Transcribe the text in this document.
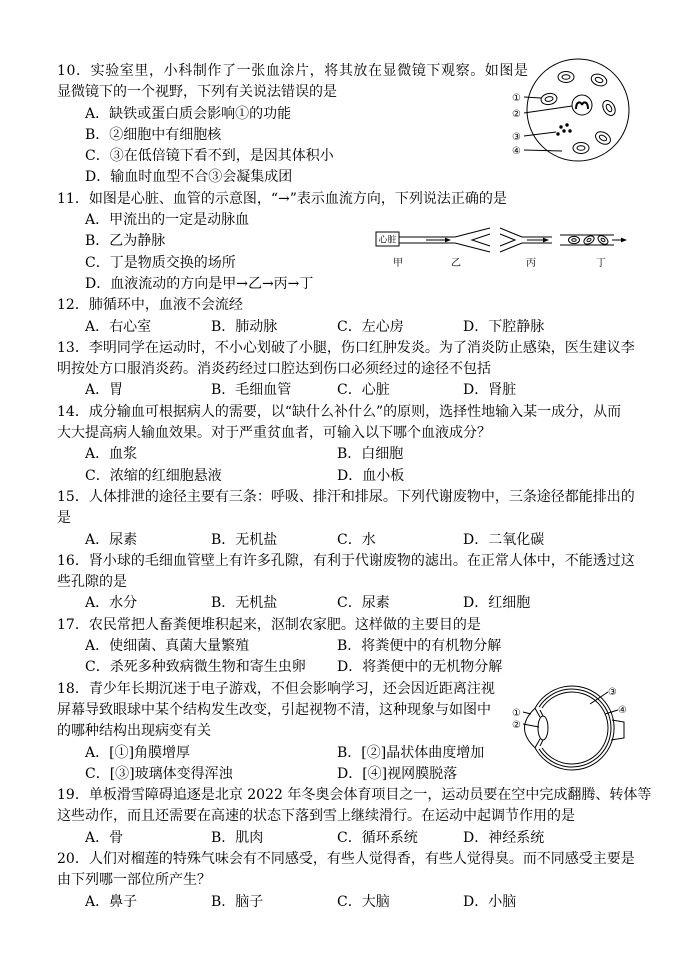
10．实验室里，小科制作了一张血涂片，将其放在显微镜下观察。如图是
显微镜下的一个视野，下列有关说法错误的是
A．缺铁或蛋白质会影响①的功能
B．②细胞中有细胞核
C．③在低倍镜下看不到，是因其体积小
D．输血时血型不合③会凝集成团
11．如图是心脏、血管的示意图，“→”表示血流方向，下列说法正确的是
A．甲流出的一定是动脉血
B．乙为静脉
C．丁是物质交换的场所
D．血液流动的方向是甲→乙→丙→丁
12．肺循环中，血液不会流经
A．右心室	B．肺动脉	C．左心房	D．下腔静脉
13．李明同学在运动时，不小心划破了小腿，伤口红肿发炎。为了消炎防止感染，医生建议李
明按处方口服消炎药。消炎药经过口腔达到伤口必须经过的途径不包括
A．胃	B．毛细血管	C．心脏	D．肾脏
14．成分输血可根据病人的需要，以“缺什么补什么”的原则，选择性地输入某一成分，从而
大大提高病人输血效果。对于严重贫血者，可输入以下哪个血液成分？
A．血浆	B．白细胞
C．浓缩的红细胞悬液	D．血小板
15．人体排泄的途径主要有三条：呼吸、排汗和排尿。下列代谢废物中，三条途径都能排出的
是
A．尿素	B．无机盐	C．水	D．二氧化碳
16．肾小球的毛细血管壁上有许多孔隙，有利于代谢废物的滤出。在正常人体中，不能透过这
些孔隙的是
A．水分	B．无机盐	C．尿素	D．红细胞
17．农民常把人畜粪便堆积起来，沤制农家肥。这样做的主要目的是
A．使细菌、真菌大量繁殖	B．将粪便中的有机物分解
C．杀死多种致病微生物和寄生虫卵 D．将粪便中的无机物分解
18．青少年长期沉迷于电子游戏，不但会影响学习，还会因近距离注视
屏幕导致眼球中某个结构发生改变，引起视物不清，这种现象与如图中
的哪种结构出现病变有关
A．[①]角膜增厚	B．[②]晶状体曲度增加
C．[③]玻璃体变得浑浊	D．[④]视网膜脱落
19．单板滑雪障碍追逐是北京 2022 年冬奥会体育项目之一，运动员要在空中完成翻腾、转体等
这些动作，而且还需要在高速的状态下落到雪上继续滑行。在运动中起调节作用的是
A．骨	B．肌肉	C．循环系统	D．神经系统
20．人们对榴莲的特殊气味会有不同感受，有些人觉得香，有些人觉得臭。而不同感受主要是
由下列哪一部位所产生？
A．鼻子	B．脑子	C．大脑	D．小脑
①
②
③
④
心脏
甲	乙	丙	丁
①
②
③
④
